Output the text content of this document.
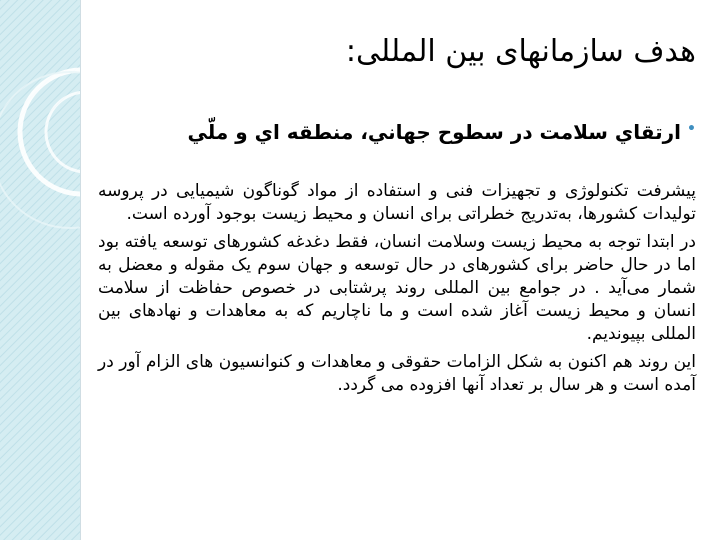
هدف سازمانهای بین المللی:
•ارتقاي سلامت در سطوح جهاني، منطقه اي و ملّي

پیشرفت تکنولوژی و تجهیزات فنی و استفاده از مواد گوناگون شیمیایی در پروسه تولیدات کشورها، به‌تدریج خطراتی برای انسان و محیط زیست بوجود آورده است.

در ابتدا توجه به محیط زیست وسلامت انسان، فقط دغدغه کشورهای توسعه یافته بود اما در حال حاضر برای کشورهای در حال توسعه و جهان سوم یک مقوله و معضل به شمار می‌آید . در جوامع بین المللی روند پرشتابی در خصوص حفاظت از سلامت انسان و محیط زیست آغاز شده است و ما ناچاریم که به معاهدات و نهادهای بین المللی بپیوندیم.

این روند هم اکنون به شکل الزامات حقوقی و معاهدات و کنوانسیون های الزام آور در آمده است و هر سال بر تعداد آنها افزوده می گردد.
